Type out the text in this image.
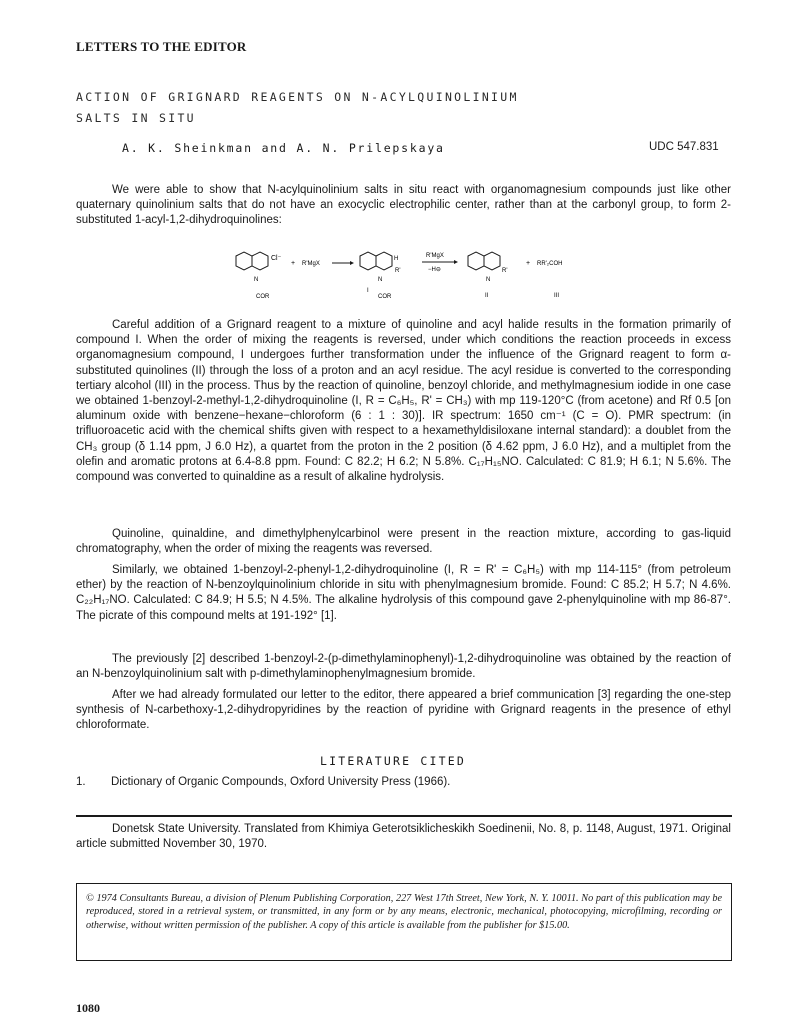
LETTERS TO THE EDITOR
ACTION OF GRIGNARD REAGENTS ON N-ACYLQUINOLINIUM
SALTS IN SITU
A. K. Sheinkman and A. N. Prilepskaya	UDC 547.831
We were able to show that N-acylquinolinium salts in situ react with organomagnesium compounds just like other quaternary quinolinium salts that do not have an exocyclic electrophilic center, rather than at the carbonyl group, to form 2-substituted 1-acyl-1,2-dihydroquinolines:
N
Cl⁻
COR
+ R'MgX
H
R'
N
I
COR
R'MgX
−H⊖	R'
N
II
+ RR'₂COH
III
Careful addition of a Grignard reagent to a mixture of quinoline and acyl halide results in the formation primarily of compound I. When the order of mixing the reagents is reversed, under which conditions the reaction proceeds in excess organomagnesium compound, I undergoes further transformation under the influence of the Grignard reagent to form α-substituted quinolines (II) through the loss of a proton and an acyl residue. The acyl residue is converted to the corresponding tertiary alcohol (III) in the process. Thus by the reaction of quinoline, benzoyl chloride, and methylmagnesium iodide in one case we obtained 1-benzoyl-2-methyl-1,2-dihydroquinoline (I, R = C₆H₅, R' = CH₃) with mp 119-120°C (from acetone) and Rf 0.5 [on aluminum oxide with benzene−hexane−chloroform (6 : 1 : 30)]. IR spectrum: 1650 cm⁻¹ (C = O). PMR spectrum: (in trifluoroacetic acid with the chemical shifts given with respect to a hexamethyldisiloxane internal standard): a doublet from the CH₃ group (δ 1.14 ppm, J 6.0 Hz), a quartet from the proton in the 2 position (δ 4.62 ppm, J 6.0 Hz), and a multiplet from the olefin and aromatic protons at 6.4-8.8 ppm. Found: C 82.2; H 6.2; N 5.8%. C₁₇H₁₅NO. Calculated: C 81.9; H 6.1; N 5.6%. The compound was converted to quinaldine as a result of alkaline hydrolysis.
Quinoline, quinaldine, and dimethylphenylcarbinol were present in the reaction mixture, according to gas-liquid chromatography, when the order of mixing the reagents was reversed.
Similarly, we obtained 1-benzoyl-2-phenyl-1,2-dihydroquinoline (I, R = R' = C₆H₅) with mp 114-115° (from petroleum ether) by the reaction of N-benzoylquinolinium chloride in situ with phenylmagnesium bromide. Found: C 85.2; H 5.7; N 4.6%. C₂₂H₁₇NO. Calculated: C 84.9; H 5.5; N 4.5%. The alkaline hydrolysis of this compound gave 2-phenylquinoline with mp 86-87°. The picrate of this compound melts at 191-192° [1].
The previously [2] described 1-benzoyl-2-(p-dimethylaminophenyl)-1,2-dihydroquinoline was obtained by the reaction of an N-benzoylquinolinium salt with p-dimethylaminophenylmagnesium bromide.
After we had already formulated our letter to the editor, there appeared a brief communication [3] regarding the one-step synthesis of N-carbethoxy-1,2-dihydropyridines by the reaction of pyridine with Grignard reagents in the presence of ethyl chloroformate.
LITERATURE CITED
1. Dictionary of Organic Compounds, Oxford University Press (1966).
Donetsk State University. Translated from Khimiya Geterotsiklicheskikh Soedinenii, No. 8, p. 1148, August, 1971. Original article submitted November 30, 1970.
© 1974 Consultants Bureau, a division of Plenum Publishing Corporation, 227 West 17th Street, New York, N. Y. 10011. No part of this publication may be reproduced, stored in a retrieval system, or transmitted, in any form or by any means, electronic, mechanical, photocopying, microfilming, recording or otherwise, without written permission of the publisher. A copy of this article is available from the publisher for $15.00.
1080
